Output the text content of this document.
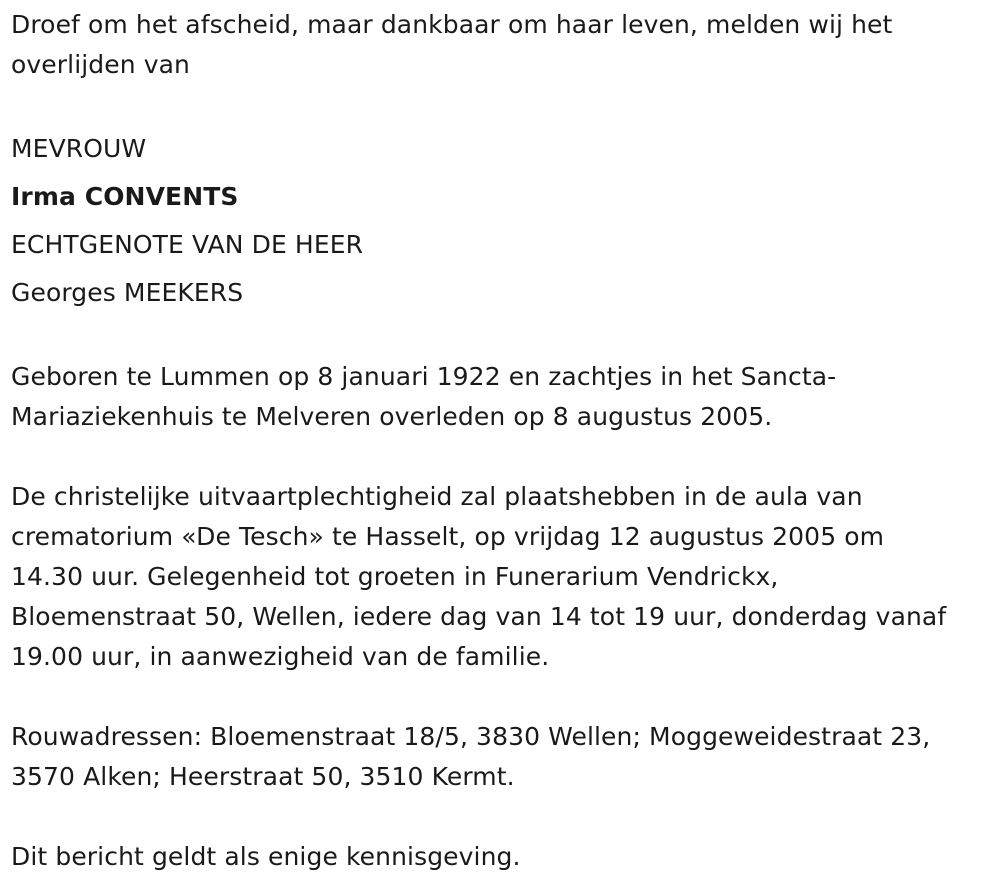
Droef om het afscheid, maar dankbaar om haar leven, melden wij het
overlijden van
MEVROUW
Irma CONVENTS
ECHTGENOTE VAN DE HEER
Georges MEEKERS
Geboren te Lummen op 8 januari 1922 en zachtjes in het Sancta-
Mariaziekenhuis te Melveren overleden op 8 augustus 2005.
De christelijke uitvaartplechtigheid zal plaatshebben in de aula van
crematorium «De Tesch» te Hasselt, op vrijdag 12 augustus 2005 om
14.30 uur. Gelegenheid tot groeten in Funerarium Vendrickx,
Bloemenstraat 50, Wellen, iedere dag van 14 tot 19 uur, donderdag vanaf
19.00 uur, in aanwezigheid van de familie.
Rouwadressen: Bloemenstraat 18/5, 3830 Wellen; Moggeweidestraat 23,
3570 Alken; Heerstraat 50, 3510 Kermt.
Dit bericht geldt als enige kennisgeving.
